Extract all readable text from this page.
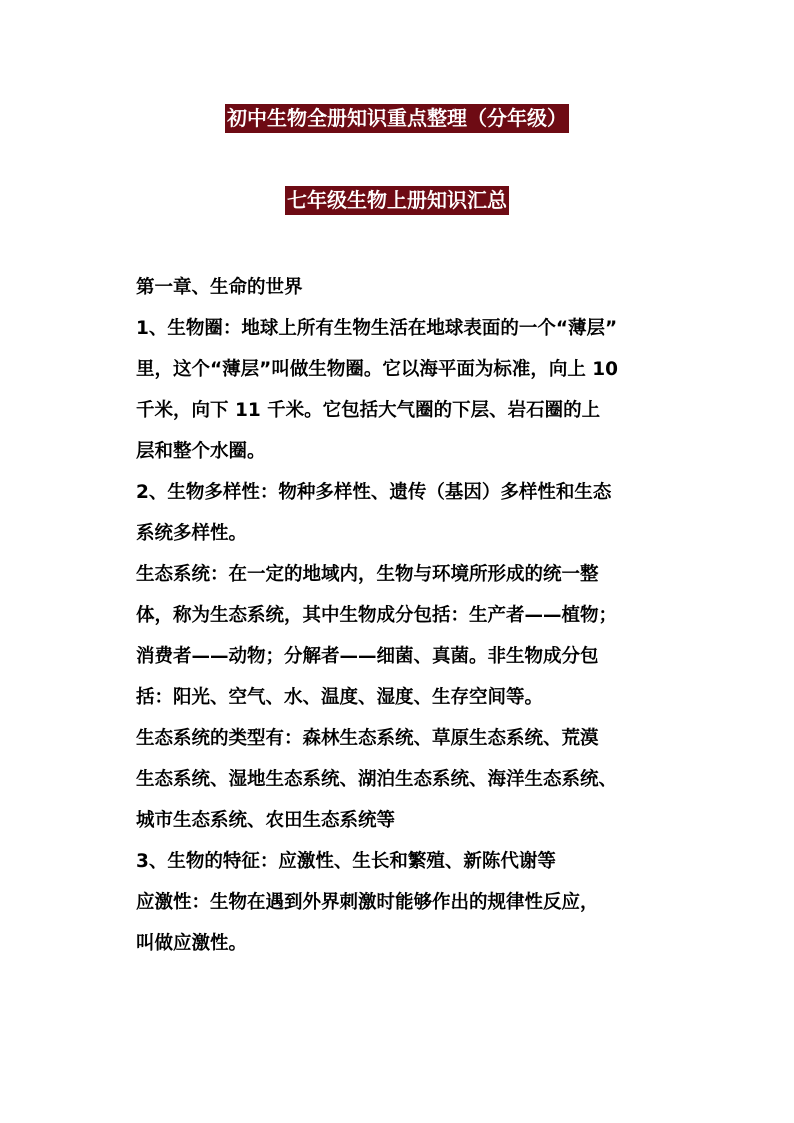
初中生物全册知识重点整理（分年级）
七年级生物上册知识汇总

第一章、生命的世界

1、生物圈：地球上所有生物生活在地球表面的一个“薄层”

里，这个“薄层”叫做生物圈。它以海平面为标准，向上 10

千米，向下 11 千米。它包括大气圈的下层、岩石圈的上

层和整个水圈。

2、生物多样性：物种多样性、遗传（基因）多样性和生态

系统多样性。

生态系统：在一定的地域内，生物与环境所形成的统一整

体，称为生态系统，其中生物成分包括：生产者——植物；

消费者——动物；分解者——细菌、真菌。非生物成分包

括：阳光、空气、水、温度、湿度、生存空间等。

生态系统的类型有：森林生态系统、草原生态系统、荒漠

生态系统、湿地生态系统、湖泊生态系统、海洋生态系统、

城市生态系统、农田生态系统等

3、生物的特征：应激性、生长和繁殖、新陈代谢等

应激性：生物在遇到外界刺激时能够作出的规律性反应，

叫做应激性。
